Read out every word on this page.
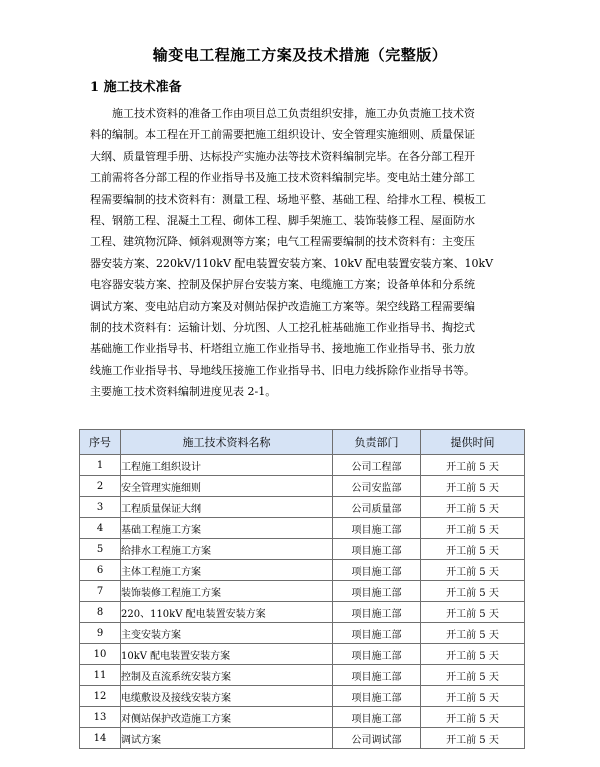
输变电工程施工方案及技术措施（完整版）
1 施工技术准备
施工技术资料的准备工作由项目总工负责组织安排，施工办负责施工技术资
料的编制。本工程在开工前需要把施工组织设计、安全管理实施细则、质量保证
大纲、质量管理手册、达标投产实施办法等技术资料编制完毕。在各分部工程开
工前需将各分部工程的作业指导书及施工技术资料编制完毕。变电站土建分部工
程需要编制的技术资料有：测量工程、场地平整、基础工程、给排水工程、模板工
程、钢筋工程、混凝土工程、砌体工程、脚手架施工、装饰装修工程、屋面防水
工程、建筑物沉降、倾斜观测等方案；电气工程需要编制的技术资料有：主变压
器安装方案、220kV/110kV 配电装置安装方案、10kV 配电装置安装方案、10kV
电容器安装方案、控制及保护屏台安装方案、电缆施工方案；设备单体和分系统
调试方案、变电站启动方案及对侧站保护改造施工方案等。架空线路工程需要编
制的技术资料有：运输计划、分坑图、人工挖孔桩基础施工作业指导书、掏挖式
基础施工作业指导书、杆塔组立施工作业指导书、接地施工作业指导书、张力放
线施工作业指导书、导地线压接施工作业指导书、旧电力线拆除作业指导书等。
主要施工技术资料编制进度见表 2-1。
序号	施工技术资料名称	负责部门	提供时间
1	工程施工组织设计	公司工程部	开工前 5 天
2	安全管理实施细则	公司安监部	开工前 5 天
3	工程质量保证大纲	公司质量部	开工前 5 天
4	基础工程施工方案	项目施工部	开工前 5 天
5	给排水工程施工方案	项目施工部	开工前 5 天
6	主体工程施工方案	项目施工部	开工前 5 天
7	装饰装修工程施工方案	项目施工部	开工前 5 天
8	220、110kV 配电装置安装方案	项目施工部	开工前 5 天
9	主变安装方案	项目施工部	开工前 5 天
10	10kV 配电装置安装方案	项目施工部	开工前 5 天
11	控制及直流系统安装方案	项目施工部	开工前 5 天
12	电缆敷设及接线安装方案	项目施工部	开工前 5 天
13	对侧站保护改造施工方案	项目施工部	开工前 5 天
14	调试方案	公司调试部	开工前 5 天
